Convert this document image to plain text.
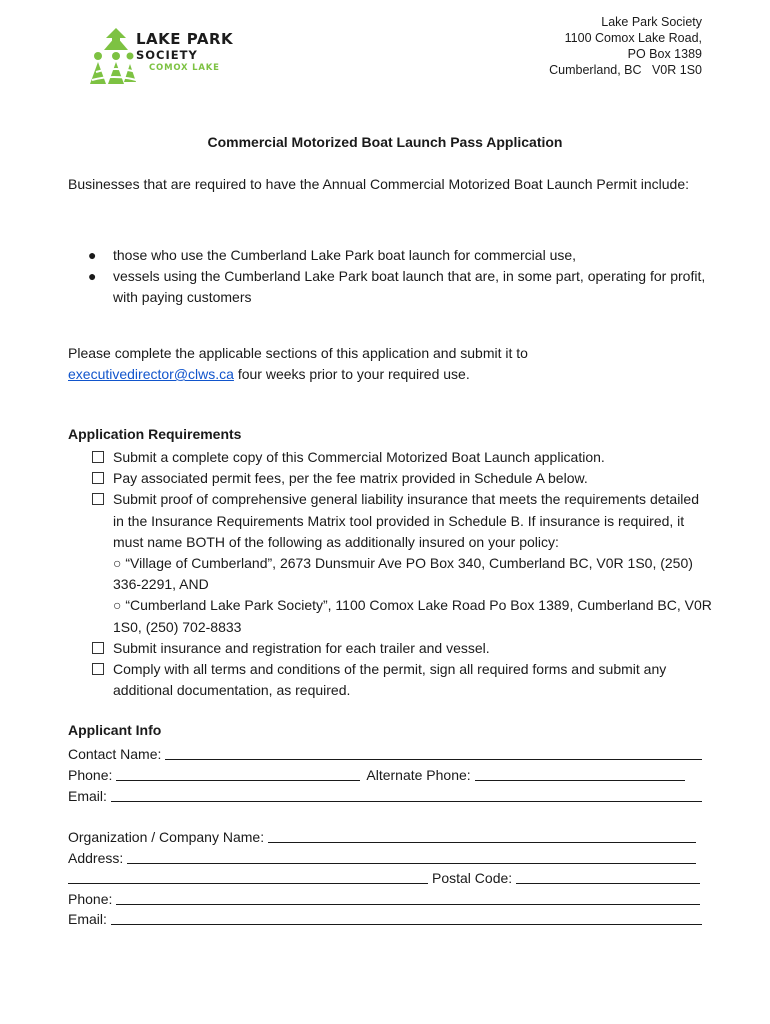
LAKE PARK
SOCIETY
COMOX LAKE
Lake Park Society
1100 Comox Lake Road,
PO Box 1389
Cumberland, BC   V0R 1S0
Commercial Motorized Boat Launch Pass Application
Businesses that are required to have the Annual Commercial Motorized Boat Launch Permit include:
● those who use the Cumberland Lake Park boat launch for commercial use,
● vessels using the Cumberland Lake Park boat launch that are, in some part, operating for profit, with paying customers
Please complete the applicable sections of this application and submit it to
executivedirector@clws.ca four weeks prior to your required use.
Application Requirements
Submit a complete copy of this Commercial Motorized Boat Launch application.
Pay associated permit fees, per the fee matrix provided in Schedule A below.
Submit proof of comprehensive general liability insurance that meets the requirements detailed in the Insurance Requirements Matrix tool provided in Schedule B. If insurance is required, it must name BOTH of the following as additionally insured on your policy:
○ “Village of Cumberland”, 2673 Dunsmuir Ave PO Box 340, Cumberland BC, V0R 1S0, (250) 336-2291, AND
○ “Cumberland Lake Park Society”, 1100 Comox Lake Road Po Box 1389, Cumberland BC, V0R 1S0, (250) 702-8833
Submit insurance and registration for each trailer and vessel.
Comply with all terms and conditions of the permit, sign all required forms and submit any additional documentation, as required.
Applicant Info
Contact Name:
Phone:	Alternate Phone:
Email:
Organization / Company Name:
Address:
Postal Code:
Phone:
Email:
